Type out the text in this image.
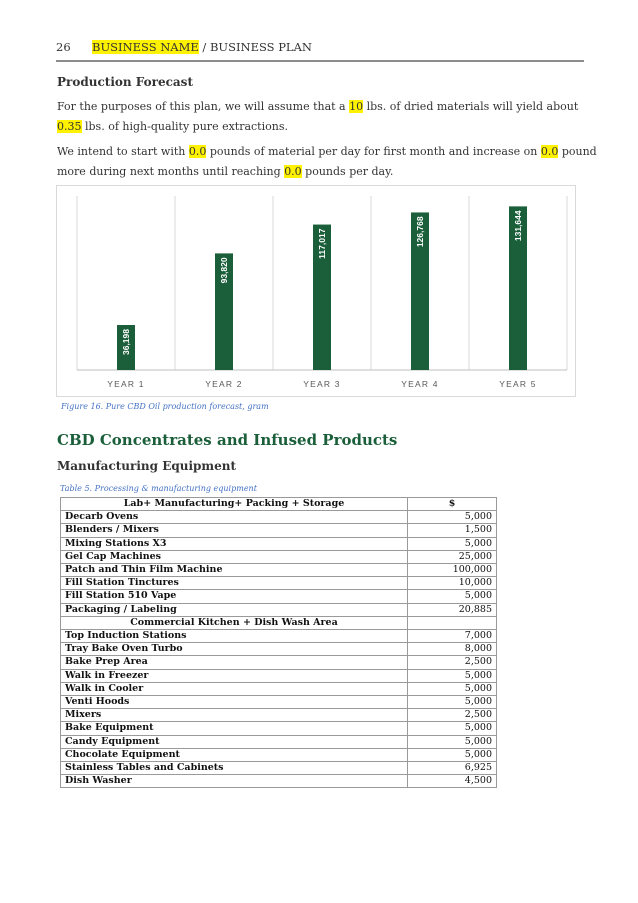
26 BUSINESS NAME / BUSINESS PLAN
Production Forecast
For the purposes of this plan, we will assume that a 10 lbs. of dried materials will yield about 0.35 lbs. of high-quality pure extractions.
We intend to start with 0.0 pounds of material per day for first month and increase on 0.0 pound more during next months until reaching 0.0 pounds per day.
36,198
YEAR 1
93,820
YEAR 2
117,017
YEAR 3
126,768
YEAR 4
131,644
YEAR 5
Figure 16. Pure CBD Oil production forecast, gram
CBD Concentrates and Infused Products
Manufacturing Equipment
Table 5. Processing & manufacturing equipment
Lab+ Manufacturing+ Packing + Storage	$
Decarb Ovens	5,000
Blenders / Mixers	1,500
Mixing Stations X3	5,000
Gel Cap Machines	25,000
Patch and Thin Film Machine	100,000
Fill Station Tinctures	10,000
Fill Station 510 Vape	5,000
Packaging / Labeling	20,885
Commercial Kitchen + Dish Wash Area	
Top Induction Stations	7,000
Tray Bake Oven Turbo	8,000
Bake Prep Area	2,500
Walk in Freezer	5,000
Walk in Cooler	5,000
Venti Hoods	5,000
Mixers	2,500
Bake Equipment	5,000
Candy Equipment	5,000
Chocolate Equipment	5,000
Stainless Tables and Cabinets	6,925
Dish Washer	4,500
